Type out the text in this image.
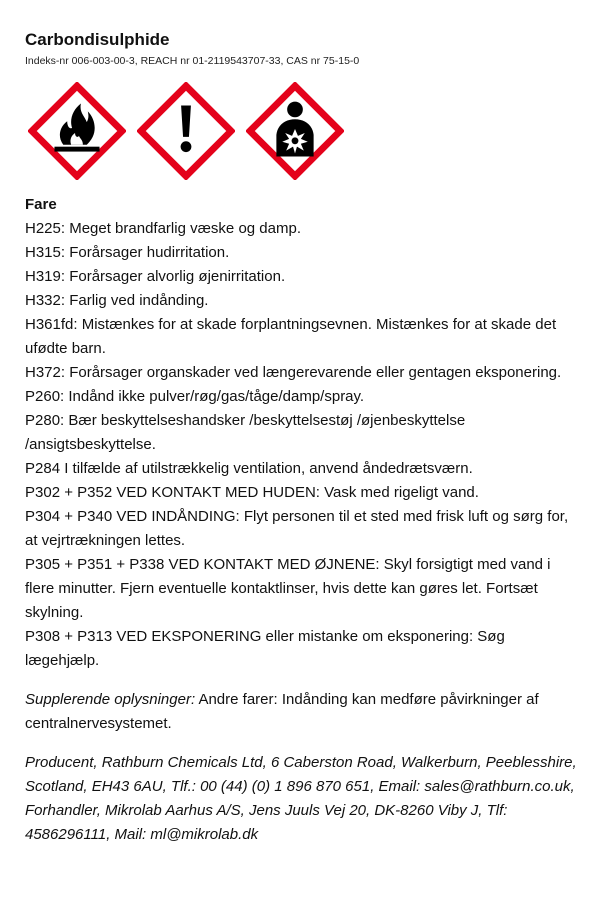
Carbondisulphide

Indeks-nr 006-003-00-3, REACH nr 01-2119543707-33, CAS nr 75-15-0

Fare

H225: Meget brandfarlig væske og damp.

H315: Forårsager hudirritation.

H319: Forårsager alvorlig øjenirritation.

H332: Farlig ved indånding.

H361fd: Mistænkes for at skade forplantningsevnen. Mistænkes for at skade det ufødte barn.

H372: Forårsager organskader ved længerevarende eller gentagen eksponering.

P260: Indånd ikke pulver/røg/gas/tåge/damp/spray.

P280: Bær beskyttelseshandsker /beskyttelsestøj /øjenbeskyttelse /ansigtsbeskyttelse.

P284 I tilfælde af utilstrækkelig ventilation, anvend åndedrætsværn.

P302 + P352 VED KONTAKT MED HUDEN: Vask med rigeligt vand.

P304 + P340 VED INDÅNDING: Flyt personen til et sted med frisk luft og sørg for, at vejrtrækningen lettes.

P305 + P351 + P338 VED KONTAKT MED ØJNENE: Skyl forsigtigt med vand i flere minutter. Fjern eventuelle kontaktlinser, hvis dette kan gøres let. Fortsæt skylning.

P308 + P313 VED EKSPONERING eller mistanke om eksponering: Søg lægehjælp.

Supplerende oplysninger: Andre farer: Indånding kan medføre påvirkninger af centralnervesystemet.
Producent, Rathburn Chemicals Ltd, 6 Caberston Road, Walkerburn, Peeblesshire, Scotland, EH43 6AU, Tlf.: 00 (44) (0) 1 896 870 651, Email: sales@rathburn.co.uk, Forhandler, Mikrolab Aarhus A/S, Jens Juuls Vej 20, DK-8260 Viby J, Tlf: 4586296111, Mail: ml@mikrolab.dk
